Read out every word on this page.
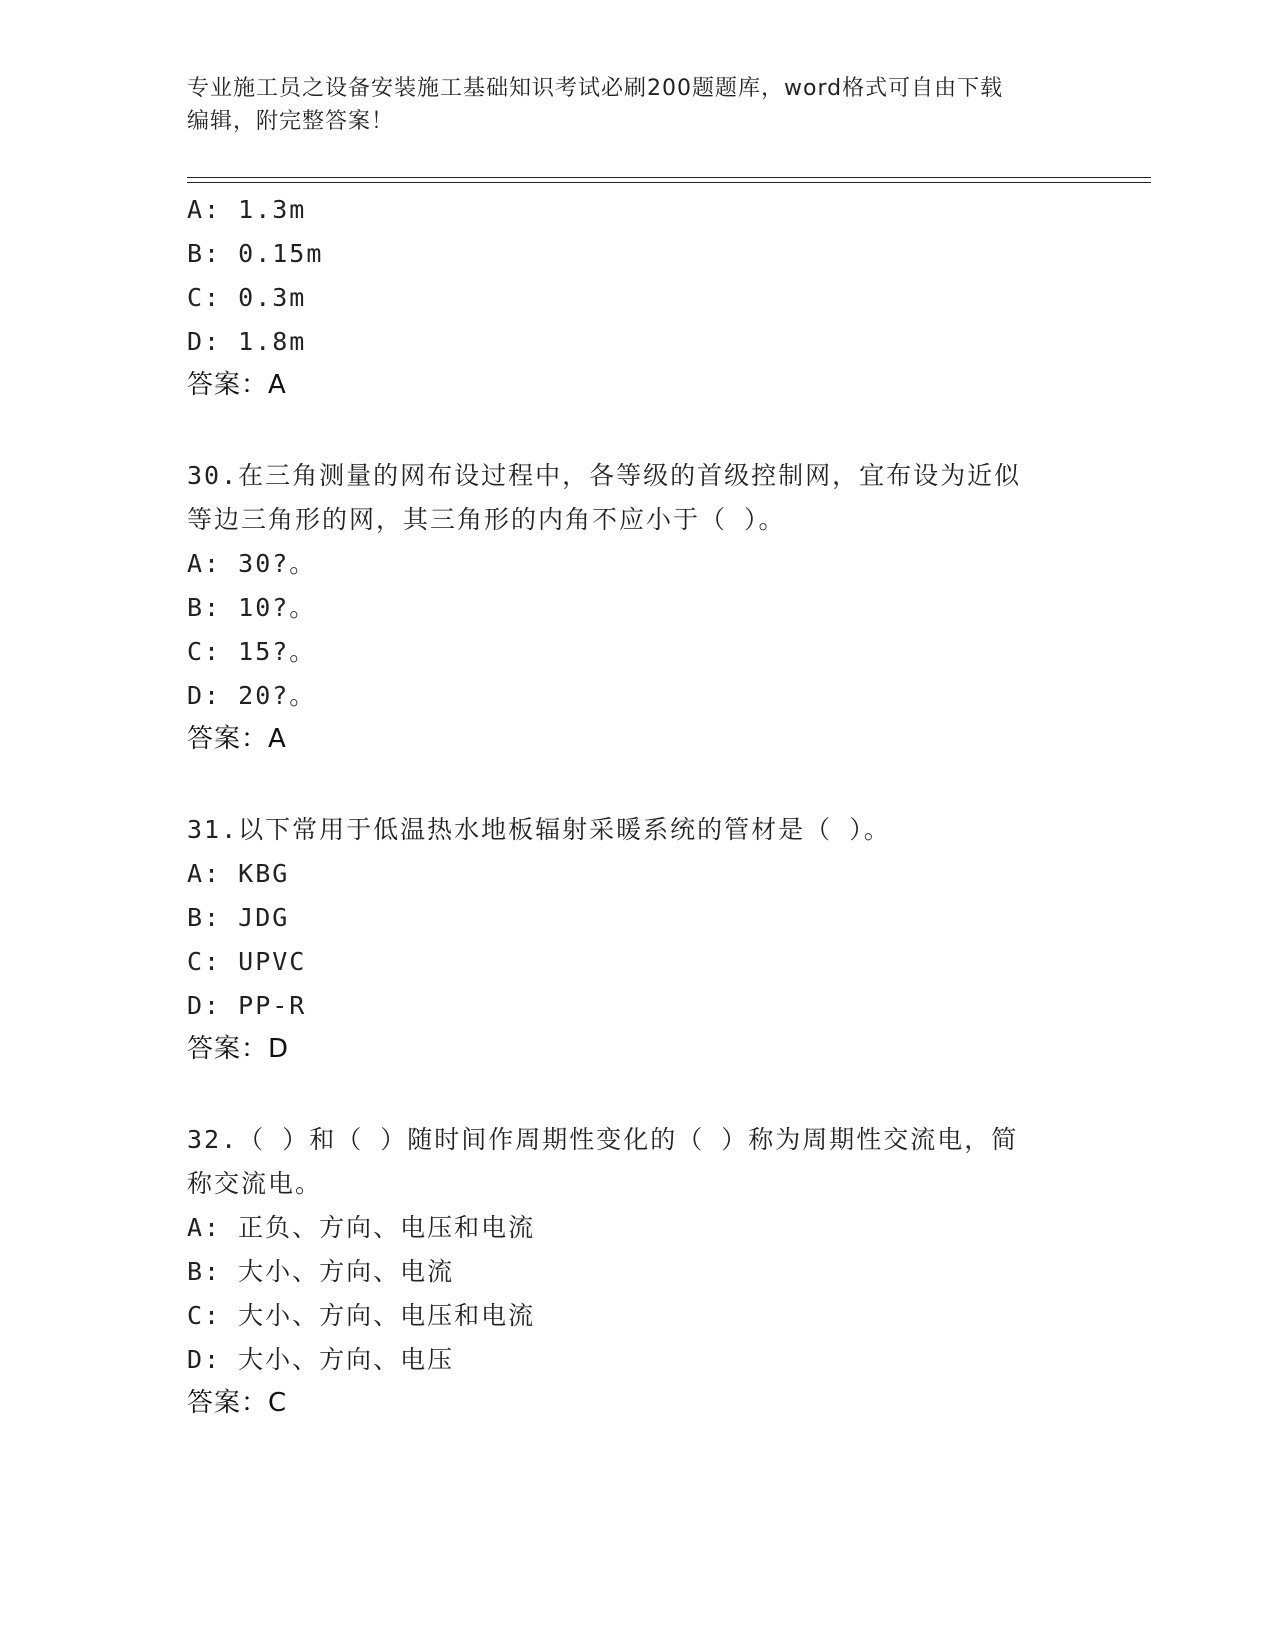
专业施工员之设备安装施工基础知识考试必刷200题题库，word格式可自由下载
编辑，附完整答案！
A: 1.3m
B: 0.15m
C: 0.3m
D: 1.8m
答案：A
30.在三角测量的网布设过程中，各等级的首级控制网，宜布设为近似
等边三角形的网，其三角形的内角不应小于（ ）。
A: 30?。
B: 10?。
C: 15?。
D: 20?。
答案：A
31.以下常用于低温热水地板辐射采暖系统的管材是（ ）。
A: KBG
B: JDG
C: UPVC
D: PP-R
答案：D
32.（ ）和（ ）随时间作周期性变化的（ ）称为周期性交流电，简
称交流电。
A: 正负、方向、电压和电流
B: 大小、方向、电流
C: 大小、方向、电压和电流
D: 大小、方向、电压
答案：C
